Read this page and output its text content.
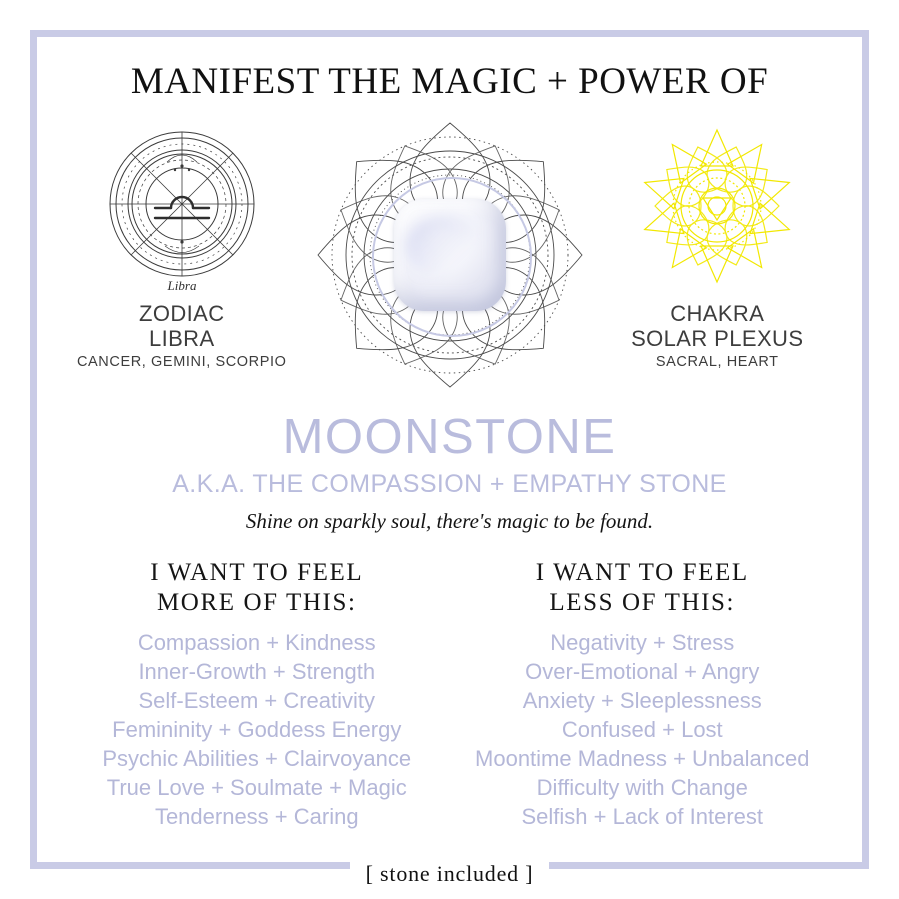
MANIFEST THE MAGIC + POWER OF
Libra
ZODIAC
LIBRA
CANCER, GEMINI, SCORPIO
CHAKRA
SOLAR PLEXUS
SACRAL, HEART
MOONSTONE
A.K.A. THE COMPASSION + EMPATHY STONE
Shine on sparkly soul, there's magic to be found.
I WANT TO FEEL
MORE OF THIS:
Compassion + Kindness
Inner-Growth + Strength
Self-Esteem + Creativity
Femininity + Goddess Energy
Psychic Abilities + Clairvoyance
True Love + Soulmate + Magic
Tenderness + Caring
I WANT TO FEEL
LESS OF THIS:
Negativity + Stress
Over-Emotional + Angry
Anxiety + Sleeplessness
Confused + Lost
Moontime Madness + Unbalanced
Difficulty with Change
Selfish + Lack of Interest
[ stone included ]
